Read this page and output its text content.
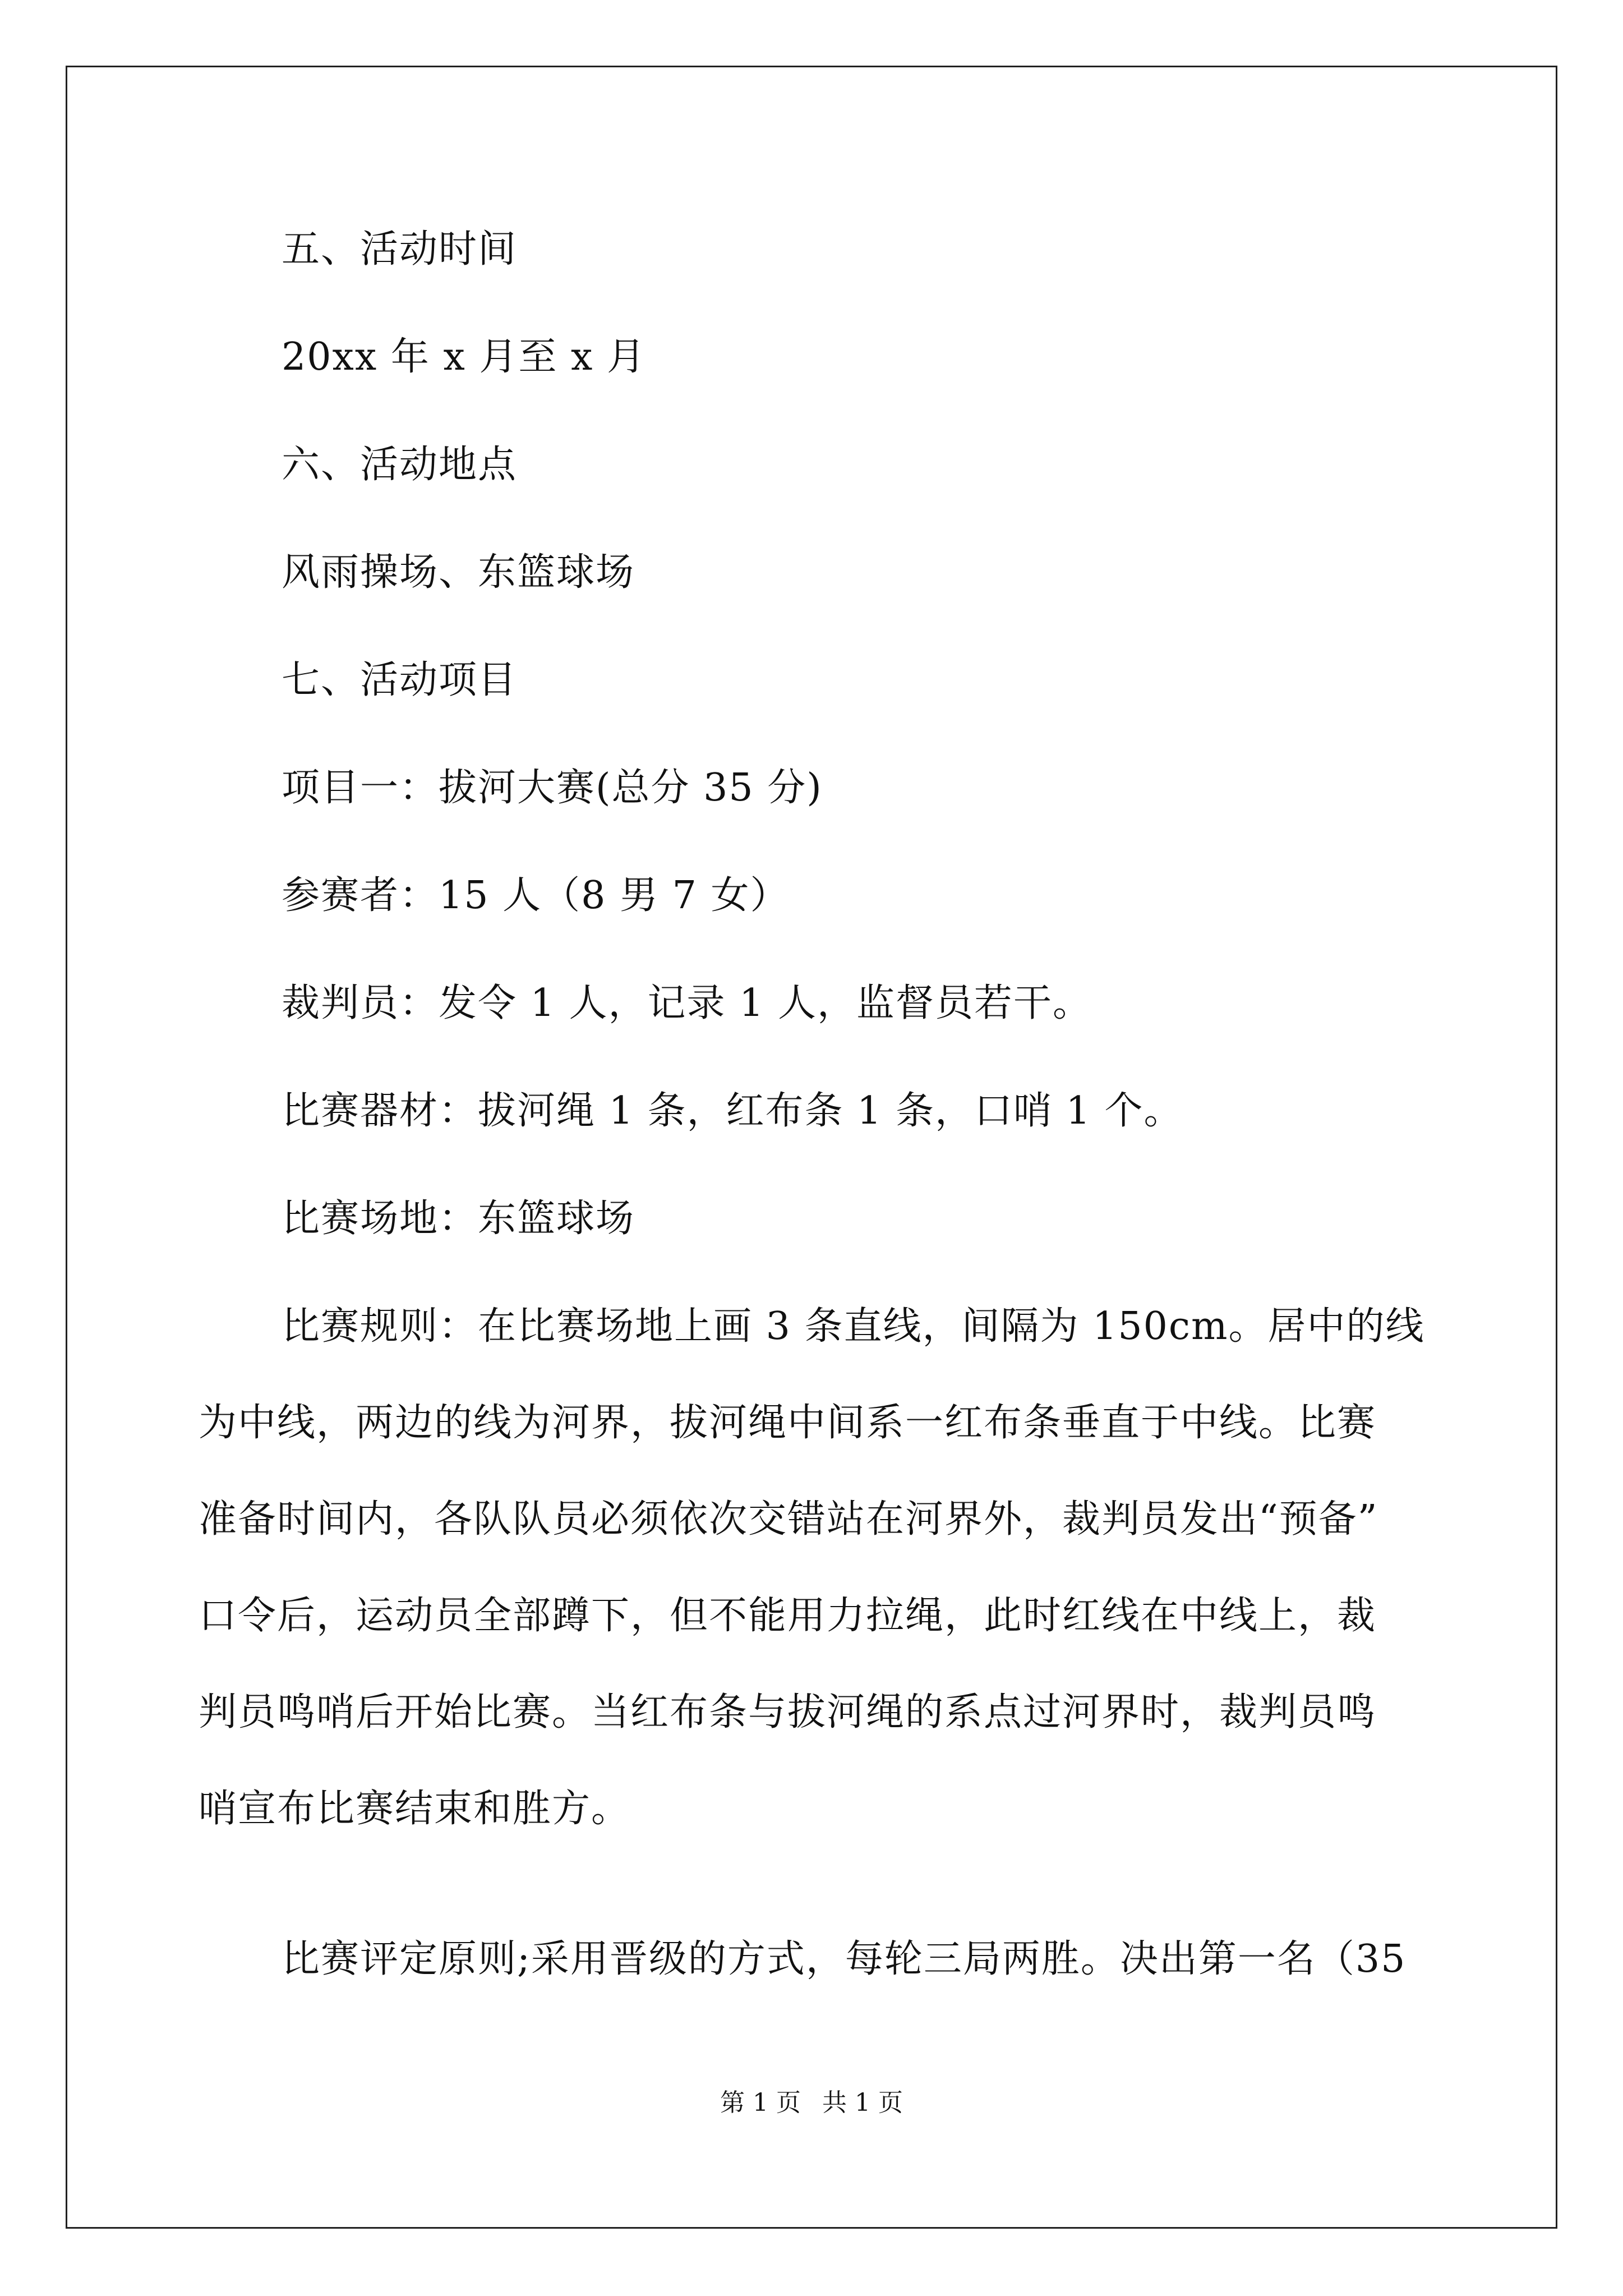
五、活动时间
20xx 年 x 月至 x 月
六、活动地点
风雨操场、东篮球场
七、活动项目
项目一：拔河大赛(总分 35 分)
参赛者：15 人（8 男 7 女）
裁判员：发令 1 人，记录 1 人，监督员若干。
比赛器材：拔河绳 1 条，红布条 1 条，口哨 1 个。
比赛场地：东篮球场
比赛规则：在比赛场地上画 3 条直线，间隔为 150cm。居中的线
为中线，两边的线为河界，拔河绳中间系一红布条垂直于中线。比赛
准备时间内，各队队员必须依次交错站在河界外，裁判员发出“预备”
口令后，运动员全部蹲下，但不能用力拉绳，此时红线在中线上，裁
判员鸣哨后开始比赛。当红布条与拔河绳的系点过河界时，裁判员鸣
哨宣布比赛结束和胜方。
比赛评定原则;采用晋级的方式，每轮三局两胜。决出第一名（35
第 1 页 共 1 页
